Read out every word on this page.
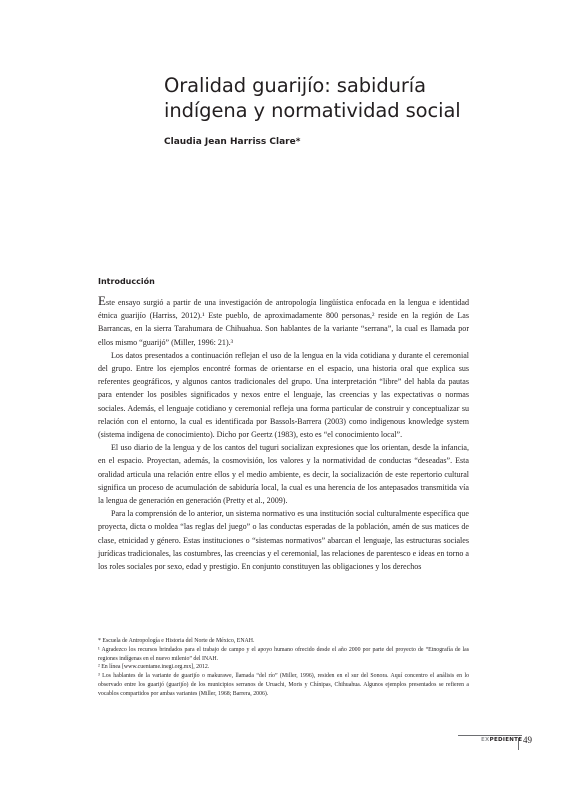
Oralidad guarijío: sabiduría indígena y normatividad social
Claudia Jean Harriss Clare*
Introducción

Este ensayo surgió a partir de una investigación de antropología lingüística enfocada en la lengua e identidad étnica guarijío (Harriss, 2012).¹ Este pueblo, de aproximadamente 800 personas,² reside en la región de Las Barrancas, en la sierra Tarahumara de Chihuahua. Son hablantes de la variante “serrana”, la cual es llamada por ellos mismo “guarijó” (Miller, 1996: 21).³

Los datos presentados a continuación reflejan el uso de la lengua en la vida cotidiana y durante el ceremonial del grupo. Entre los ejemplos encontré formas de orientarse en el espacio, una historia oral que explica sus referentes geográficos, y algunos cantos tradicionales del grupo. Una interpretación “libre” del habla da pautas para entender los posibles significados y nexos entre el lenguaje, las creencias y las expectativas o normas sociales. Además, el lenguaje cotidiano y ceremonial refleja una forma particular de construir y conceptualizar su relación con el entorno, la cual es identificada por Bassols-Barrera (2003) como indigenous knowledge system (sistema indígena de conocimiento). Dicho por Geertz (1983), esto es “el conocimiento local”.

El uso diario de la lengua y de los cantos del tuguri socializan expresiones que los orientan, desde la infancia, en el espacio. Proyectan, además, la cosmovisión, los valores y la normatividad de conductas “deseadas”. Esta oralidad articula una relación entre ellos y el medio ambiente, es decir, la socialización de este repertorio cultural significa un proceso de acumulación de sabiduría local, la cual es una herencia de los antepasados transmitida vía la lengua de generación en generación (Pretty et al., 2009).

Para la comprensión de lo anterior, un sistema normativo es una institución social culturalmente específica que proyecta, dicta o moldea “las reglas del juego” o las conductas esperadas de la población, amén de sus matices de clase, etnicidad y género. Estas instituciones o “sistemas normativos” abarcan el lenguaje, las estructuras sociales jurídicas tradicionales, las costumbres, las creencias y el ceremonial, las relaciones de parentesco e ideas en torno a los roles sociales por sexo, edad y prestigio. En conjunto constituyen las obligaciones y los derechos

* Escuela de Antropología e Historia del Norte de México, ENAH.

¹ Agradezco los recursos brindados para el trabajo de campo y el apoyo humano ofrecido desde el año 2000 por parte del proyecto de “Etnografía de las regiones indígenas en el nuevo milenio” del INAH.

² En línea [www.cuentame.inegi.org.mx], 2012.

³ Los hablantes de la variante de guarijío o makurawe, llamada “del río” (Miller, 1996), residen en el sur del Sonora. Aquí concentro el análisis en lo observado entre los guarijó (guarijío) de los municipios serranos de Uruachi, Moris y Chínipas, Chihuahua. Algunos ejemplos presentados se refieren a vocablos compartidos por ambas variantes (Miller, 1968; Barrera, 2006).

EXPEDIENTE 49
